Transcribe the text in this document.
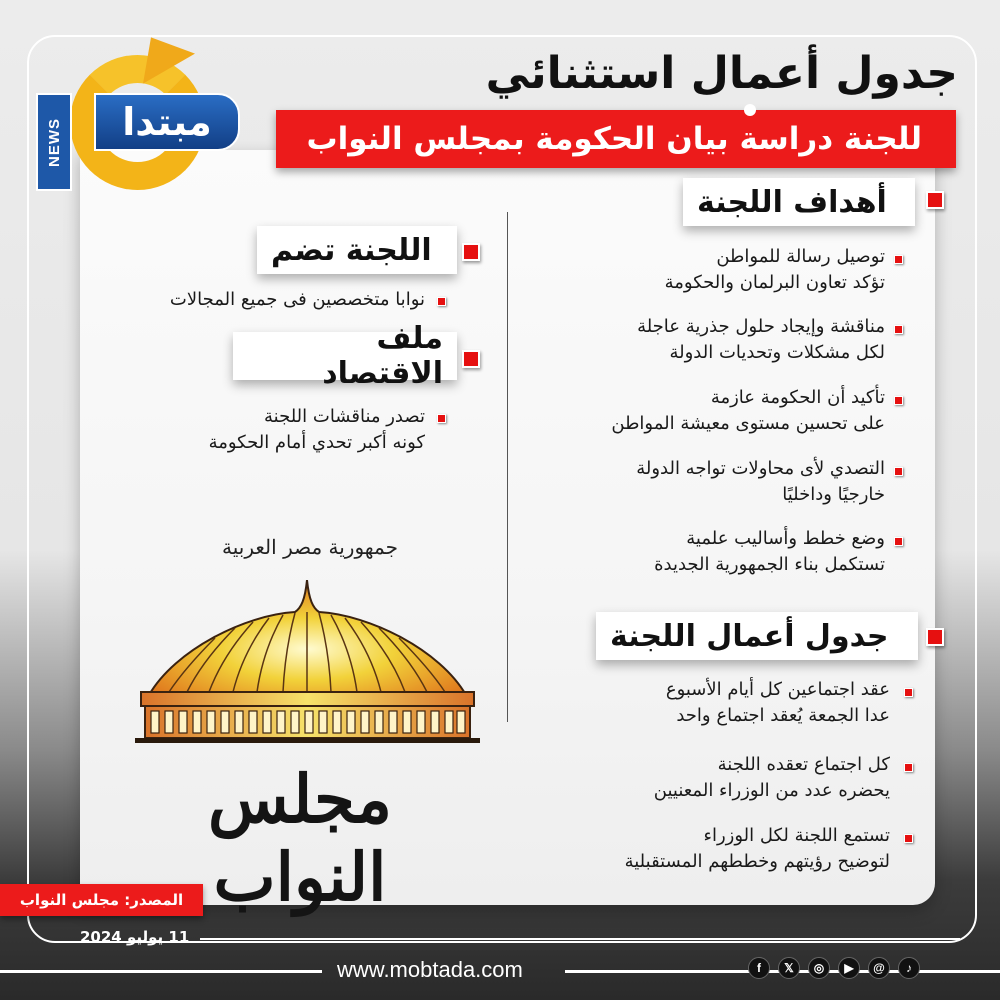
NEWS	مبتدا
جدول أعمال استثنائي
للجنة دراسة بيان الحكومة بمجلس النواب
أهداف اللجنة
توصيل رسالة للمواطن
تؤكد تعاون البرلمان والحكومة
مناقشة وإيجاد حلول جذرية عاجلة
لكل مشكلات وتحديات الدولة
تأكيد أن الحكومة عازمة
على تحسين مستوى معيشة المواطن
التصدي لأى محاولات تواجه الدولة
خارجيًا وداخليًا
وضع خطط وأساليب علمية
تستكمل بناء الجمهورية الجديدة
جدول أعمال اللجنة
عقد اجتماعين كل أيام الأسبوع
عدا الجمعة يُعقد اجتماع واحد
كل اجتماع تعقده اللجنة
يحضره عدد من الوزراء المعنيين
تستمع اللجنة لكل الوزراء
لتوضيح رؤيتهم وخططهم المستقبلية
اللجنة تضم
نوابا متخصصين فى جميع المجالات
ملف الاقتصاد
تصدر مناقشات اللجنة
كونه أكبر تحدي أمام الحكومة
جمهورية مصر العربية
مجلس النواب
المصدر: مجلس النواب
11 يوليو 2024
www.mobtada.com	f	𝕏	◎	▶	@	♪
